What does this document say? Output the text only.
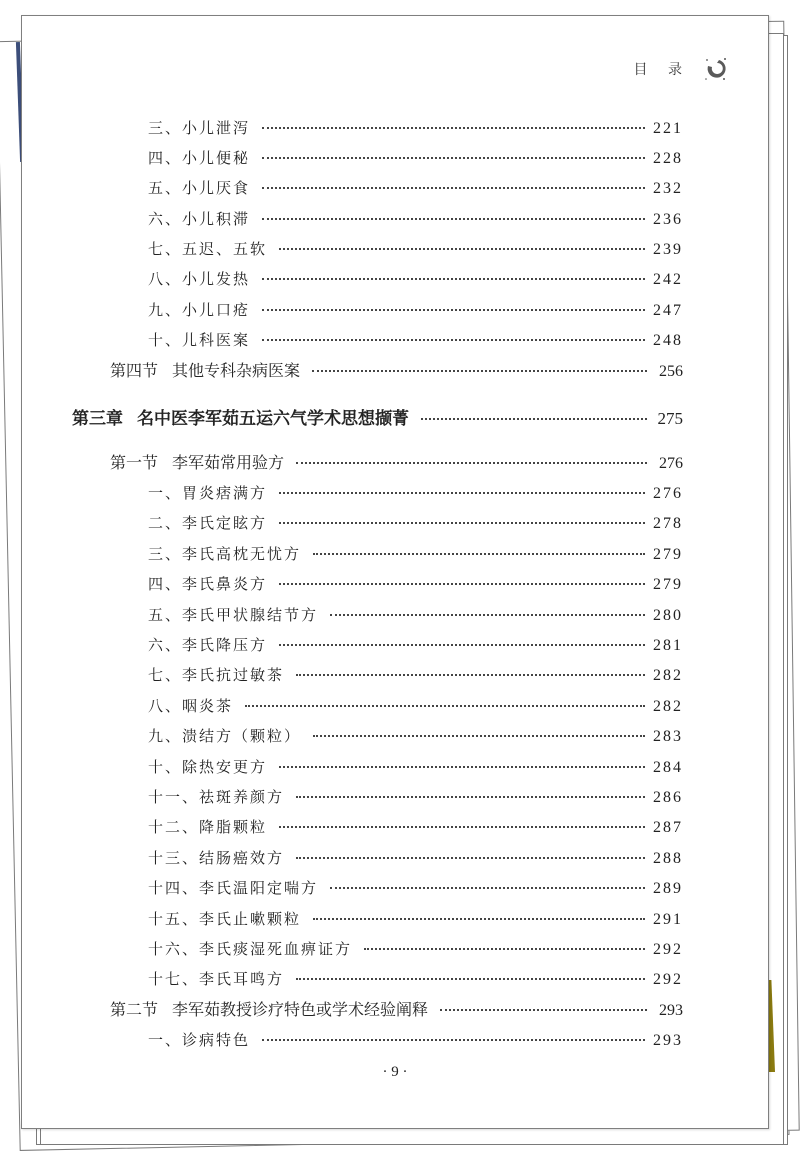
目 录
三、小儿泄泻	221
四、小儿便秘	228
五、小儿厌食	232
六、小儿积滞	236
七、五迟、五软	239
八、小儿发热	242
九、小儿口疮	247
十、儿科医案	248
第四节 其他专科杂病医案	256
第三章 名中医李军茹五运六气学术思想撷菁	275
第一节 李军茹常用验方	276
一、胃炎痞满方	276
二、李氏定眩方	278
三、李氏高枕无忧方	279
四、李氏鼻炎方	279
五、李氏甲状腺结节方	280
六、李氏降压方	281
七、李氏抗过敏茶	282
八、咽炎茶	282
九、溃结方（颗粒）	283
十、除热安更方	284
十一、祛斑养颜方	286
十二、降脂颗粒	287
十三、结肠癌效方	288
十四、李氏温阳定喘方	289
十五、李氏止嗽颗粒	291
十六、李氏痰湿死血痹证方	292
十七、李氏耳鸣方	292
第二节 李军茹教授诊疗特色或学术经验阐释	293
一、诊病特色	293
· 9 ·
